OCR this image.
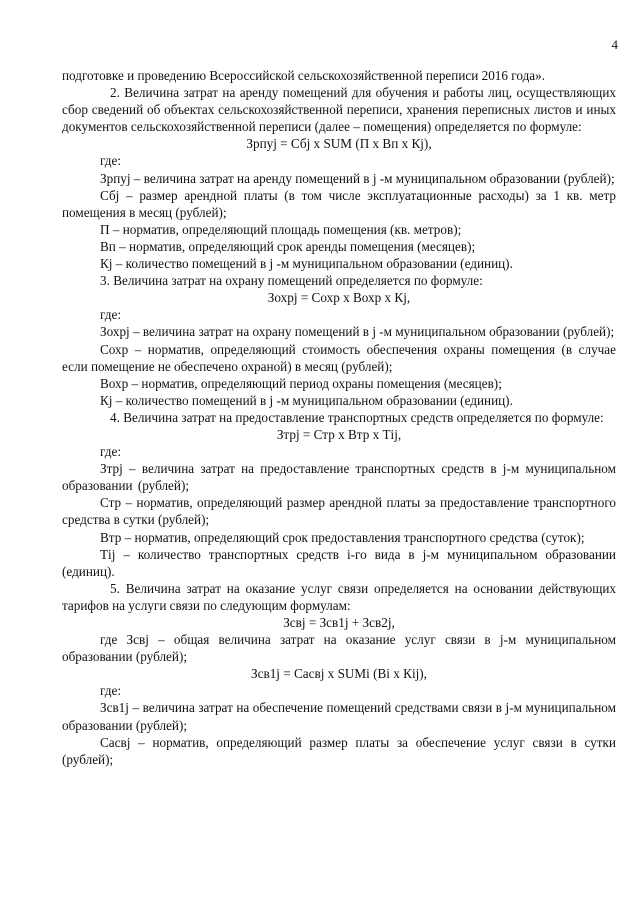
4

подготовке и проведению Всероссийской сельскохозяйственной переписи 2016 года».

2. Величина затрат на аренду помещений для обучения и работы лиц, осуществляющих сбор сведений об объектах сельскохозяйственной переписи, хранения переписных листов и иных документов сельскохозяйственной переписи (далее – помещения) определяется по формуле:

Зрпуj = Сбj х SUM (П х Вп х Кj),

где:

Зрпуj – величина затрат на аренду помещений в j -м муниципальном образовании (рублей);

Сбj – размер арендной платы (в том числе эксплуатационные расходы) за 1 кв. метр помещения в месяц (рублей);

П – норматив, определяющий площадь помещения (кв. метров);

Вп – норматив, определяющий срок аренды помещения (месяцев);

Кj – количество помещений в j -м муниципальном образовании (единиц).

3. Величина затрат на охрану помещений определяется по формуле:

Зохрj = Сохр х Вохр х Кj,

где:

Зохрj – величина затрат на охрану помещений в j -м муниципальном образовании (рублей);

Сохр – норматив, определяющий стоимость обеспечения охраны помещения (в случае если помещение не обеспечено охраной) в месяц (рублей);

Вохр – норматив, определяющий период охраны помещения (месяцев);

Кj – количество помещений в j -м муниципальном образовании (единиц).

4. Величина затрат на предоставление транспортных средств определяется по формуле:

Зтрj = Стр х Втр х Тij,

где:

Зтрj – величина затрат на предоставление транспортных средств в j-м муниципальном образовании (рублей);

Стр – норматив, определяющий размер арендной платы за предоставление транспортного средства в сутки (рублей);

Втр – норматив, определяющий срок предоставления транспортного средства (суток);

Тij – количество транспортных средств i-го вида в j-м муниципальном образовании (единиц).

5. Величина затрат на оказание услуг связи определяется на основании действующих тарифов на услуги связи по следующим формулам:

Зсвj = Зсв1j + Зсв2j,

где Зсвj – общая величина затрат на оказание услуг связи в j-м муниципальном образовании (рублей);

Зсв1j = Сасвj х SUMi (Вi х Кij),

где:

Зсв1j – величина затрат на обеспечение помещений средствами связи в j-м муниципальном образовании (рублей);

Сасвj – норматив, определяющий размер платы за обеспечение услуг связи в сутки (рублей);
